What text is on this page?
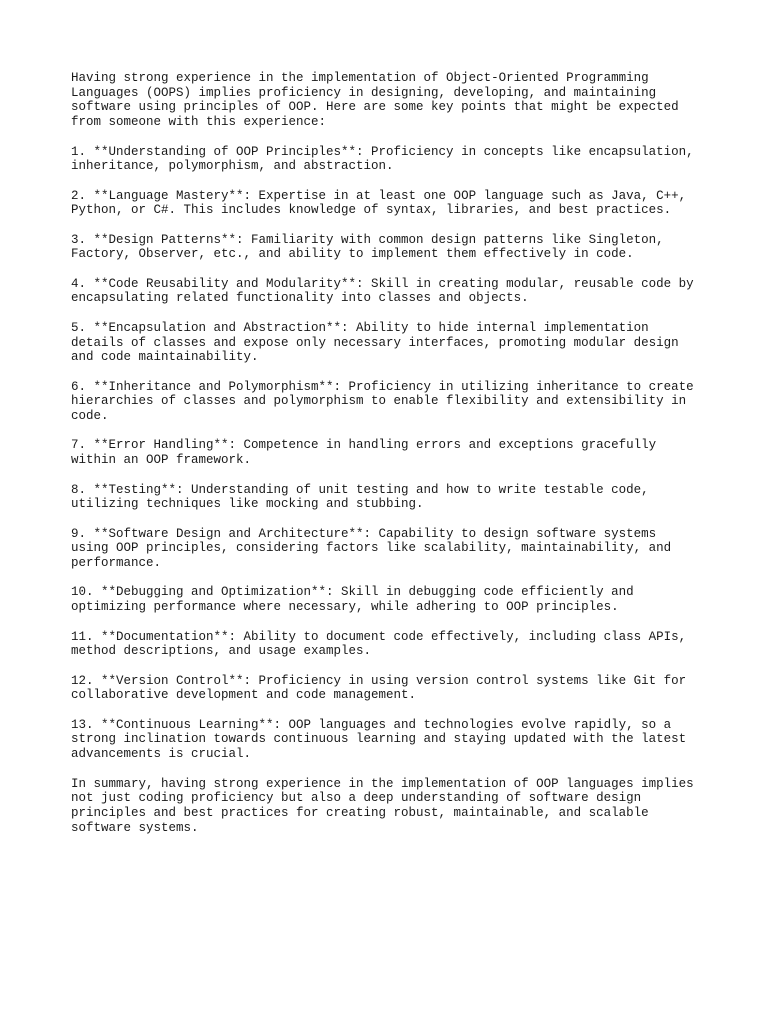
Having strong experience in the implementation of Object-Oriented Programming
Languages (OOPS) implies proficiency in designing, developing, and maintaining
software using principles of OOP. Here are some key points that might be expected
from someone with this experience:

1. **Understanding of OOP Principles**: Proficiency in concepts like encapsulation,
inheritance, polymorphism, and abstraction.

2. **Language Mastery**: Expertise in at least one OOP language such as Java, C++,
Python, or C#. This includes knowledge of syntax, libraries, and best practices.

3. **Design Patterns**: Familiarity with common design patterns like Singleton,
Factory, Observer, etc., and ability to implement them effectively in code.

4. **Code Reusability and Modularity**: Skill in creating modular, reusable code by
encapsulating related functionality into classes and objects.

5. **Encapsulation and Abstraction**: Ability to hide internal implementation
details of classes and expose only necessary interfaces, promoting modular design
and code maintainability.

6. **Inheritance and Polymorphism**: Proficiency in utilizing inheritance to create
hierarchies of classes and polymorphism to enable flexibility and extensibility in
code.

7. **Error Handling**: Competence in handling errors and exceptions gracefully
within an OOP framework.

8. **Testing**: Understanding of unit testing and how to write testable code,
utilizing techniques like mocking and stubbing.

9. **Software Design and Architecture**: Capability to design software systems
using OOP principles, considering factors like scalability, maintainability, and
performance.

10. **Debugging and Optimization**: Skill in debugging code efficiently and
optimizing performance where necessary, while adhering to OOP principles.

11. **Documentation**: Ability to document code effectively, including class APIs,
method descriptions, and usage examples.

12. **Version Control**: Proficiency in using version control systems like Git for
collaborative development and code management.

13. **Continuous Learning**: OOP languages and technologies evolve rapidly, so a
strong inclination towards continuous learning and staying updated with the latest
advancements is crucial.

In summary, having strong experience in the implementation of OOP languages implies
not just coding proficiency but also a deep understanding of software design
principles and best practices for creating robust, maintainable, and scalable
software systems.
